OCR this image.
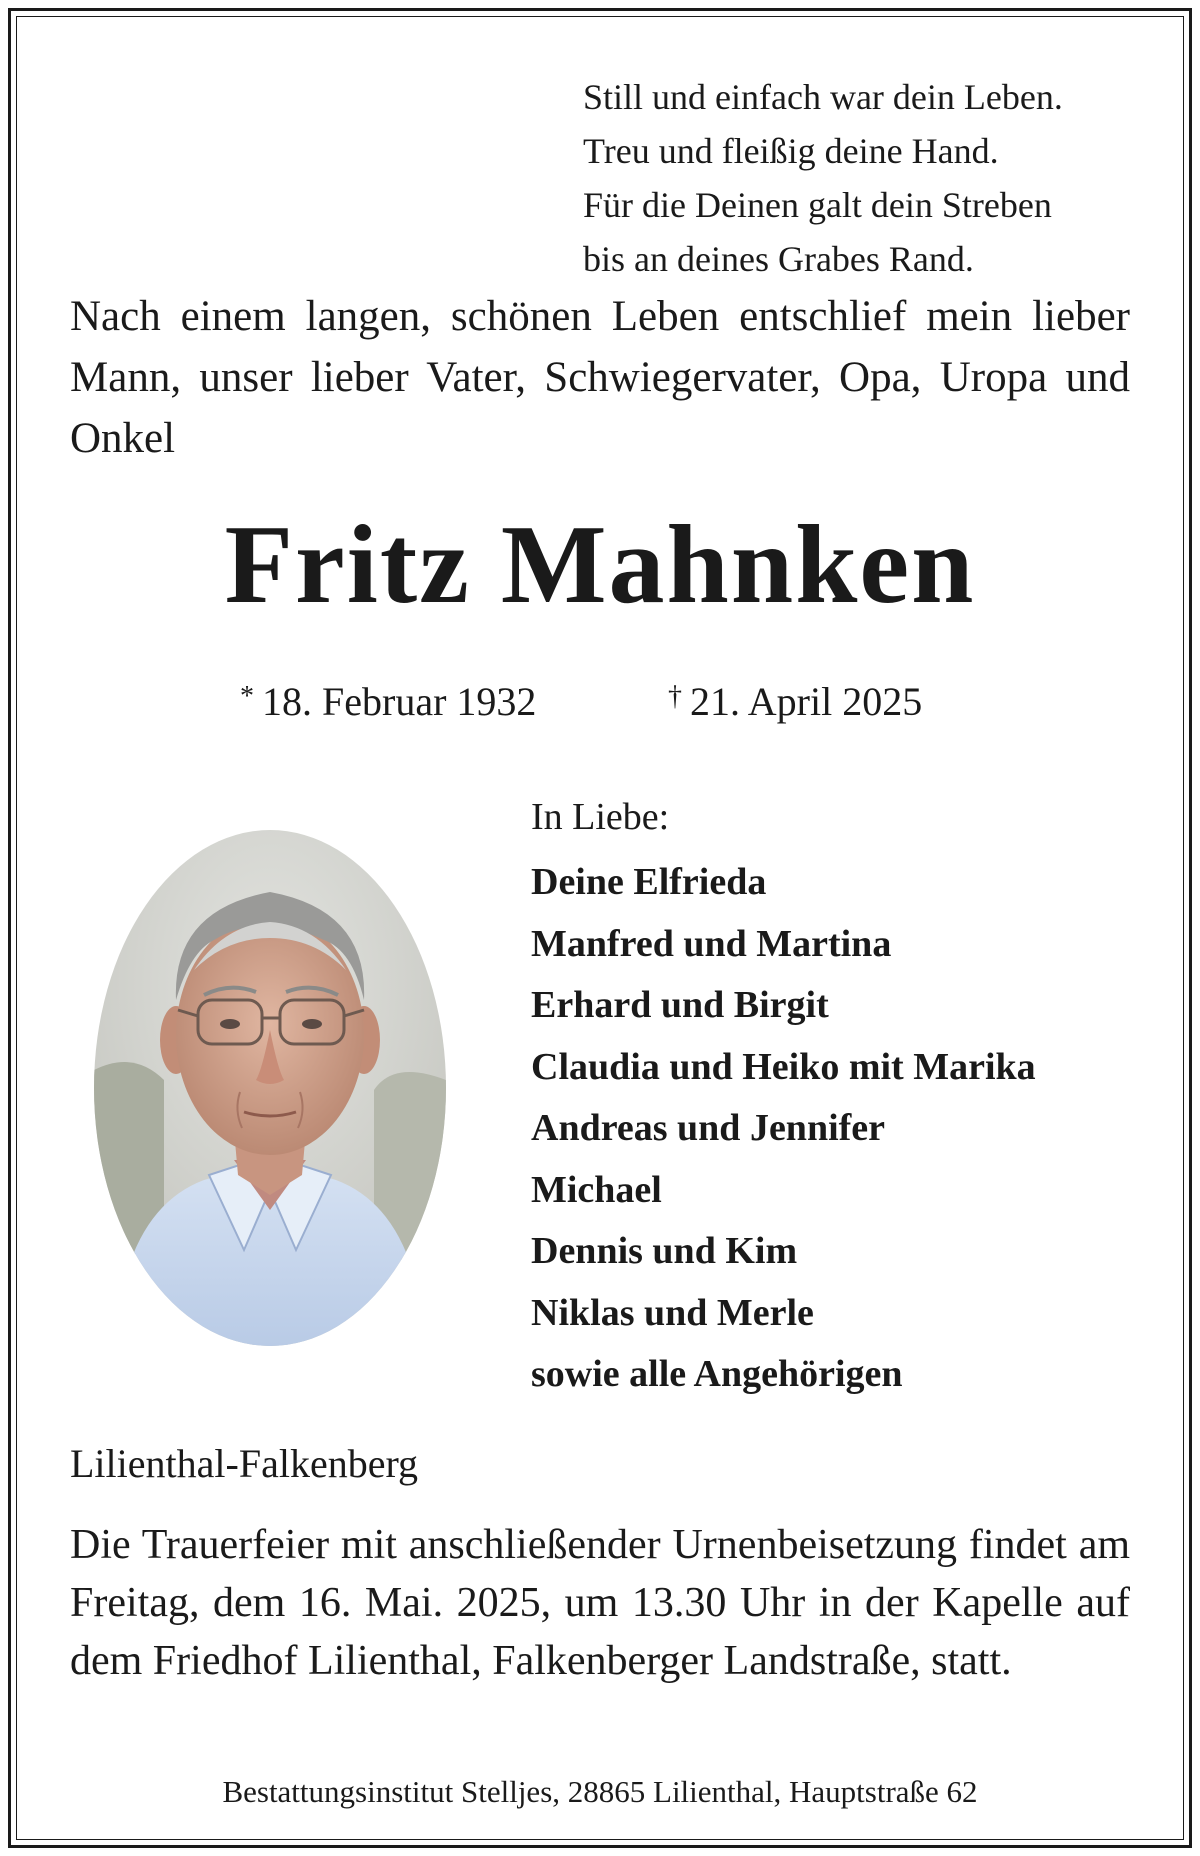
Still und einfach war dein Leben.
Treu und fleißig deine Hand.
Für die Deinen galt dein Streben
bis an deines Grabes Rand.
Nach einem langen, schönen Leben entschlief mein lieber Mann, unser lieber Vater, Schwiegervater, Opa, Uropa und Onkel
Fritz Mahnken
* 18. Februar 1932	† 21. April 2025
In Liebe:
Deine Elfrieda
Manfred und Martina
Erhard und Birgit
Claudia und Heiko mit Marika
Andreas und Jennifer
Michael
Dennis und Kim
Niklas und Merle
sowie alle Angehörigen
Lilienthal-Falkenberg
Die Trauerfeier mit anschließender Urnenbeisetzung findet am Freitag, dem 16. Mai. 2025, um 13.30 Uhr in der Kapelle auf dem Friedhof Lilienthal, Falkenberger Landstraße, statt.
Bestattungsinstitut Stelljes, 28865 Lilienthal, Hauptstraße 62
